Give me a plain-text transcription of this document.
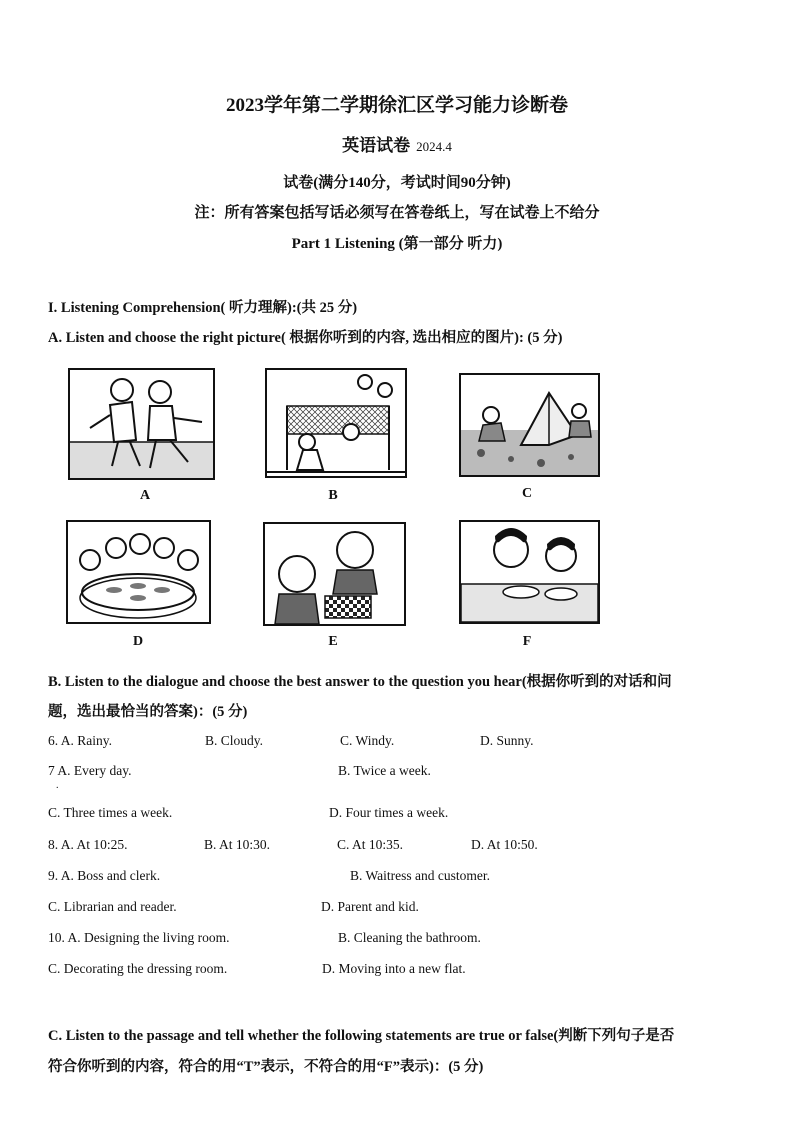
2023学年第二学期徐汇区学习能力诊断卷
英语试卷 2024.4
试卷(满分140分，考试时间90分钟)
注：所有答案包括写话必须写在答卷纸上，写在试卷上不给分
Part 1 Listening (第一部分 听力)
I. Listening Comprehension( 听力理解):(共 25 分)
A. Listen and choose the right picture( 根据你听到的内容, 选出相应的图片): (5 分)
A	B	C
D	E	F
B. Listen to the dialogue and choose the best answer to the question you hear(根据你听到的对话和问
题，选出最恰当的答案)：(5 分)
6. A. Rainy.	B. Cloudy.	C. Windy.	D. Sunny.
7 A. Every day.	B. Twice a week.
.
C. Three times a week.	D. Four times a week.
8. A. At 10:25.	B. At 10:30.	C. At 10:35.	D. At 10:50.
9. A. Boss and clerk.	B. Waitress and customer.
C. Librarian and reader.	D. Parent and kid.
10. A. Designing the living room.	B. Cleaning the bathroom.
C. Decorating the dressing room.	D. Moving into a new flat.
C. Listen to the passage and tell whether the following statements are true or false(判断下列句子是否
符合你听到的内容，符合的用“T”表示，不符合的用“F”表示)：(5 分)
